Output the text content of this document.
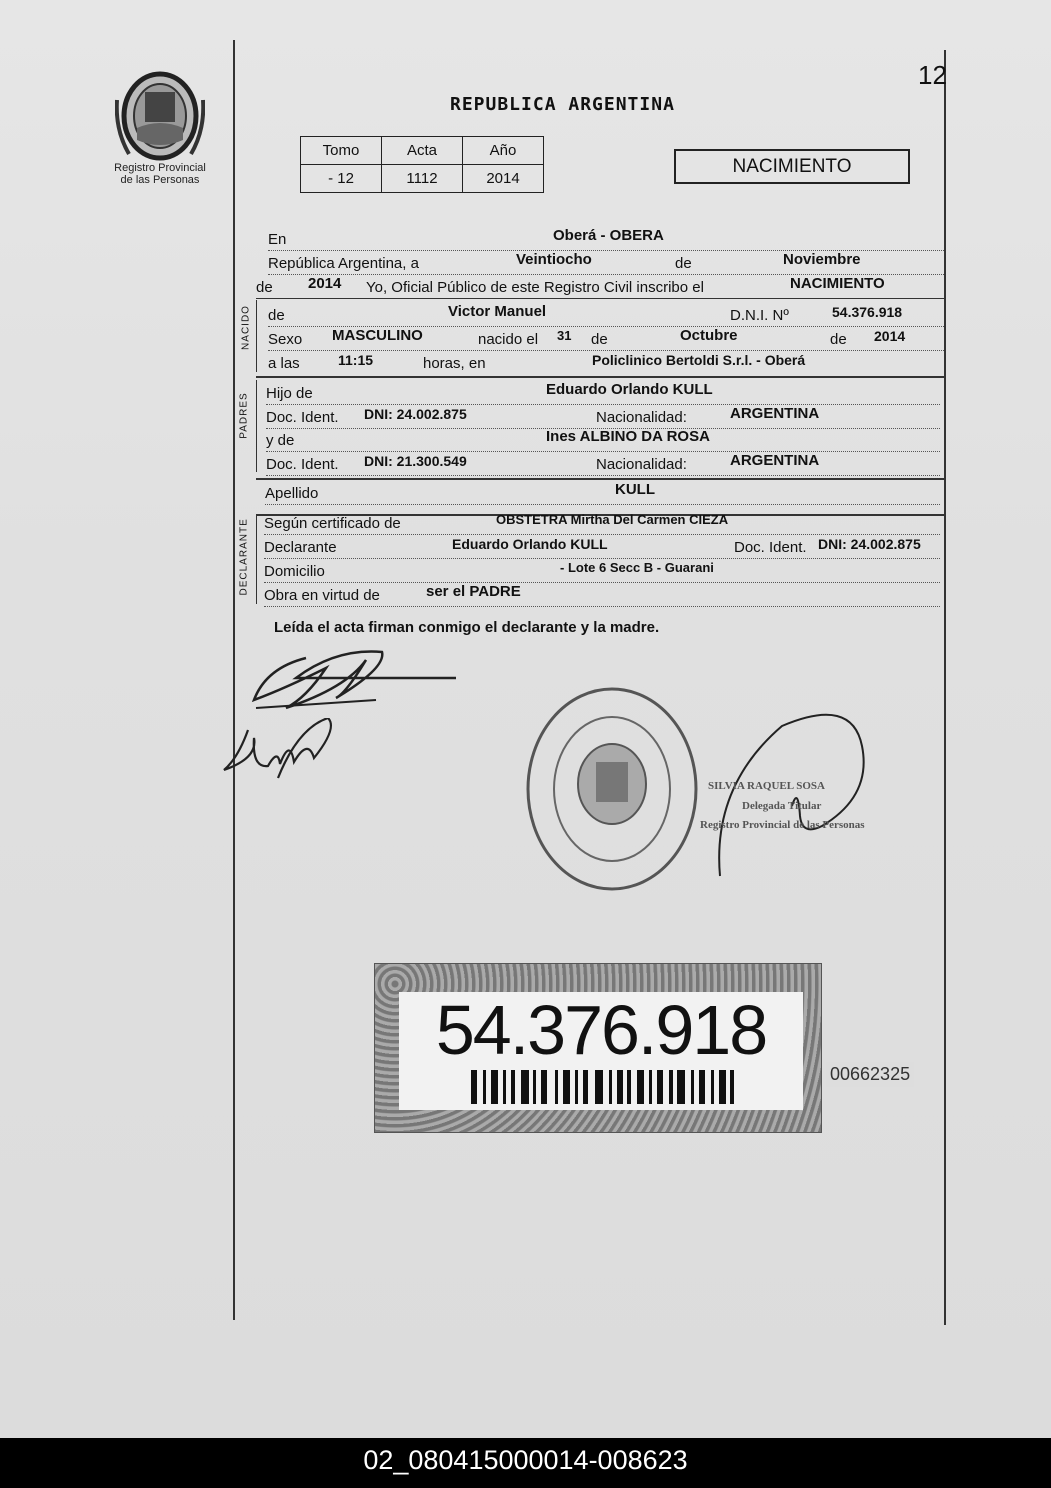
12
Registro Provincial
de las Personas
REPUBLICA ARGENTINA
Tomo	Acta	Año
- 12	1112	2014
NACIMIENTO
En	Oberá - OBERA
República Argentina, a	Veintiocho	de	Noviembre
de 2014 Yo, Oficial Público de este Registro Civil inscribo el	NACIMIENTO
NACIDO de	Victor Manuel	D.N.I. Nº	54.376.918
Sexo MASCULINO	nacido el 31 de	Octubre	de 2014
a las	11:15	horas, en	Policlinico Bertoldi S.r.l. - Oberá
PADRES Hijo de	Eduardo Orlando KULL
Doc. Ident. DNI: 24.002.875	Nacionalidad:	ARGENTINA
y de	Ines ALBINO DA ROSA
Doc. Ident. DNI: 21.300.549	Nacionalidad:	ARGENTINA
Apellido	KULL
DECLARANTE Según certificado de	OBSTETRA Mirtha Del Carmen CIEZA
Declarante	Eduardo Orlando KULL	Doc. Ident. DNI: 24.002.875
Domicilio	- Lote 6 Secc B - Guarani
Obra en virtud de	ser el PADRE
Leída el acta firman conmigo el declarante y la madre.
SILVIA RAQUEL SOSA
Delegada Titular
Registro Provincial de las Personas
54.376.918
00662325
02_080415000014-008623
